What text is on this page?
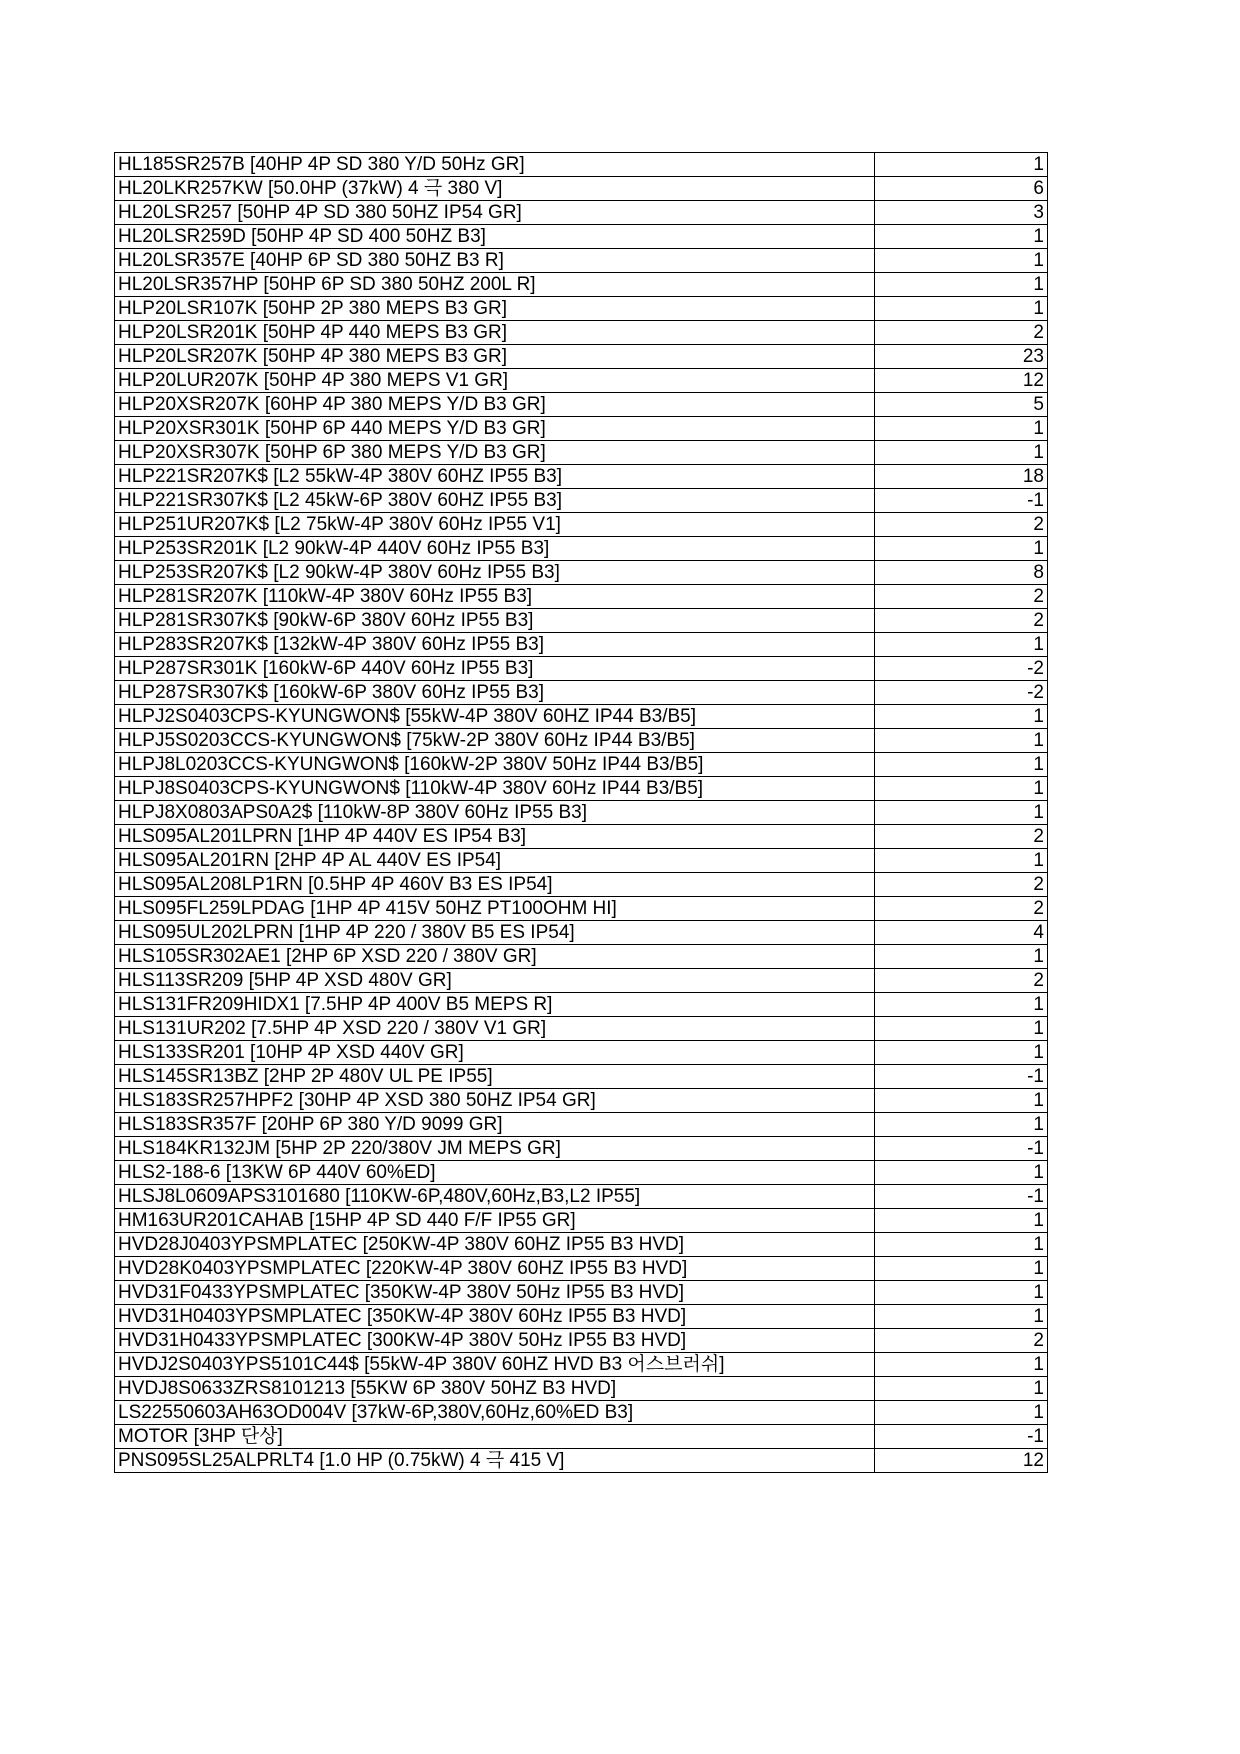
HL185SR257B [40HP 4P SD 380 Y/D 50Hz GR]	1
HL20LKR257KW [50.0HP (37kW) 4 극 380 V]	6
HL20LSR257 [50HP 4P SD 380 50HZ IP54 GR]	3
HL20LSR259D [50HP 4P SD 400 50HZ B3]	1
HL20LSR357E [40HP 6P SD 380 50HZ B3 R]	1
HL20LSR357HP [50HP 6P SD 380 50HZ 200L R]	1
HLP20LSR107K [50HP 2P 380 MEPS B3 GR]	1
HLP20LSR201K [50HP 4P 440 MEPS B3 GR]	2
HLP20LSR207K [50HP 4P 380 MEPS B3 GR]	23
HLP20LUR207K [50HP 4P 380 MEPS V1 GR]	12
HLP20XSR207K [60HP 4P 380 MEPS Y/D B3 GR]	5
HLP20XSR301K [50HP 6P 440 MEPS Y/D B3 GR]	1
HLP20XSR307K [50HP 6P 380 MEPS Y/D B3 GR]	1
HLP221SR207K$ [L2 55kW-4P 380V 60HZ IP55 B3]	18
HLP221SR307K$ [L2 45kW-6P 380V 60HZ IP55 B3]	-1
HLP251UR207K$ [L2 75kW-4P 380V 60Hz IP55 V1]	2
HLP253SR201K [L2 90kW-4P 440V 60Hz IP55 B3]	1
HLP253SR207K$ [L2 90kW-4P 380V 60Hz IP55 B3]	8
HLP281SR207K [110kW-4P 380V 60Hz IP55 B3]	2
HLP281SR307K$ [90kW-6P 380V 60Hz IP55 B3]	2
HLP283SR207K$ [132kW-4P 380V 60Hz IP55 B3]	1
HLP287SR301K [160kW-6P 440V 60Hz IP55 B3]	-2
HLP287SR307K$ [160kW-6P 380V 60Hz IP55 B3]	-2
HLPJ2S0403CPS-KYUNGWON$ [55kW-4P 380V 60HZ IP44 B3/B5]	1
HLPJ5S0203CCS-KYUNGWON$ [75kW-2P 380V 60Hz IP44 B3/B5]	1
HLPJ8L0203CCS-KYUNGWON$ [160kW-2P 380V 50Hz IP44 B3/B5]	1
HLPJ8S0403CPS-KYUNGWON$ [110kW-4P 380V 60Hz IP44 B3/B5]	1
HLPJ8X0803APS0A2$ [110kW-8P 380V 60Hz IP55 B3]	1
HLS095AL201LPRN [1HP 4P 440V ES IP54 B3]	2
HLS095AL201RN [2HP 4P AL 440V ES IP54]	1
HLS095AL208LP1RN [0.5HP 4P 460V B3 ES IP54]	2
HLS095FL259LPDAG [1HP 4P 415V 50HZ PT100OHM HI]	2
HLS095UL202LPRN [1HP 4P 220 / 380V B5 ES IP54]	4
HLS105SR302AE1 [2HP 6P XSD 220 / 380V GR]	1
HLS113SR209 [5HP 4P XSD 480V GR]	2
HLS131FR209HIDX1 [7.5HP 4P 400V B5 MEPS R]	1
HLS131UR202 [7.5HP 4P XSD 220 / 380V V1 GR]	1
HLS133SR201 [10HP 4P XSD 440V GR]	1
HLS145SR13BZ [2HP 2P 480V UL PE IP55]	-1
HLS183SR257HPF2 [30HP 4P XSD 380 50HZ IP54 GR]	1
HLS183SR357F [20HP 6P 380 Y/D 9099 GR]	1
HLS184KR132JM [5HP 2P 220/380V JM MEPS GR]	-1
HLS2-188-6 [13KW 6P 440V 60%ED]	1
HLSJ8L0609APS3101680 [110KW-6P,480V,60Hz,B3,L2 IP55]	-1
HM163UR201CAHAB [15HP 4P SD 440 F/F IP55 GR]	1
HVD28J0403YPSMPLATEC [250KW-4P 380V 60HZ IP55 B3 HVD]	1
HVD28K0403YPSMPLATEC [220KW-4P 380V 60HZ IP55 B3 HVD]	1
HVD31F0433YPSMPLATEC [350KW-4P 380V 50Hz IP55 B3 HVD]	1
HVD31H0403YPSMPLATEC [350KW-4P 380V 60Hz IP55 B3 HVD]	1
HVD31H0433YPSMPLATEC [300KW-4P 380V 50Hz IP55 B3 HVD]	2
HVDJ2S0403YPS5101C44$ [55kW-4P 380V 60HZ HVD B3 어스브러쉬]	1
HVDJ8S0633ZRS8101213 [55KW 6P 380V 50HZ B3 HVD]	1
LS22550603AH63OD004V [37kW-6P,380V,60Hz,60%ED B3]	1
MOTOR [3HP 단상]	-1
PNS095SL25ALPRLT4 [1.0 HP (0.75kW) 4 극 415 V]	12
